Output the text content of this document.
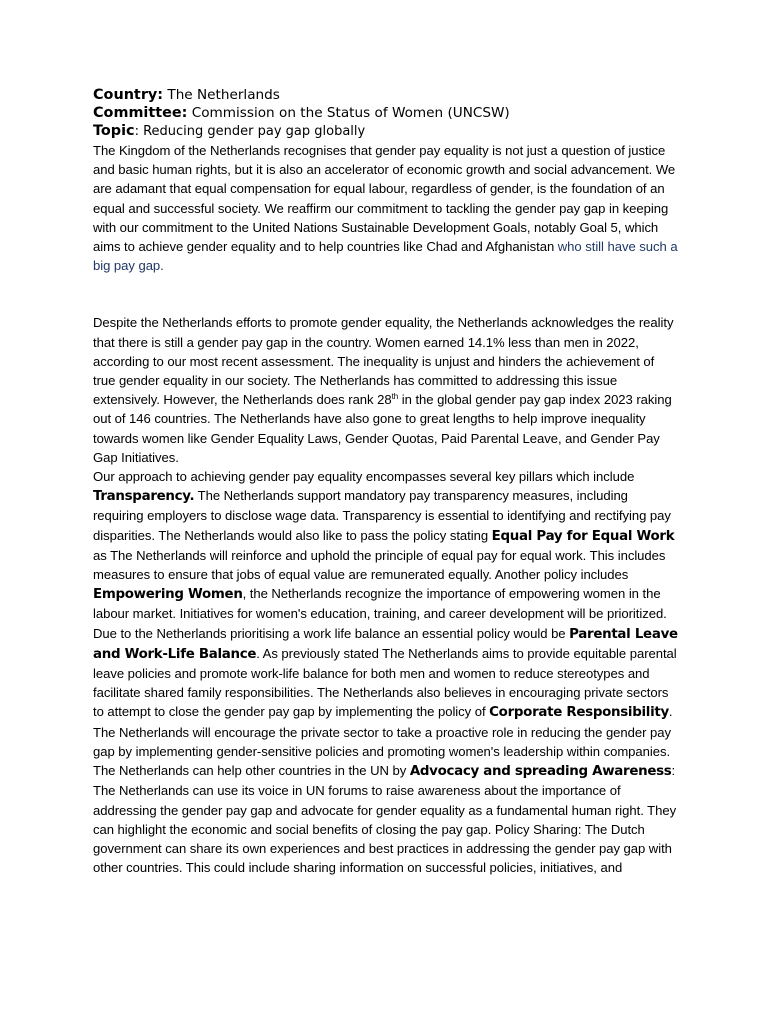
Country: The Netherlands
Committee: Commission on the Status of Women (UNCSW)
Topic: Reducing gender pay gap globally

The Kingdom of the Netherlands recognises that gender pay equality is not just a question of justice and basic human rights, but it is also an accelerator of economic growth and social advancement. We are adamant that equal compensation for equal labour, regardless of gender, is the foundation of an equal and successful society. We reaffirm our commitment to tackling the gender pay gap in keeping with our commitment to the United Nations Sustainable Development Goals, notably Goal 5, which aims to achieve gender equality and to help countries like Chad and Afghanistan who still have such a big pay gap.

Despite the Netherlands efforts to promote gender equality, the Netherlands acknowledges the reality that there is still a gender pay gap in the country. Women earned 14.1% less than men in 2022, according to our most recent assessment. The inequality is unjust and hinders the achievement of true gender equality in our society. The Netherlands has committed to addressing this issue extensively. However, the Netherlands does rank 28th in the global gender pay gap index 2023 raking out of 146 countries. The Netherlands have also gone to great lengths to help improve inequality towards women like Gender Equality Laws, Gender Quotas, Paid Parental Leave, and Gender Pay Gap Initiatives.

Our approach to achieving gender pay equality encompasses several key pillars which include Transparency. The Netherlands support mandatory pay transparency measures, including requiring employers to disclose wage data. Transparency is essential to identifying and rectifying pay disparities. The Netherlands would also like to pass the policy stating Equal Pay for Equal Work as The Netherlands will reinforce and uphold the principle of equal pay for equal work. This includes measures to ensure that jobs of equal value are remunerated equally. Another policy includes Empowering Women, the Netherlands recognize the importance of empowering women in the labour market. Initiatives for women's education, training, and career development will be prioritized. Due to the Netherlands prioritising a work life balance an essential policy would be Parental Leave and Work-Life Balance. As previously stated The Netherlands aims to provide equitable parental leave policies and promote work-life balance for both men and women to reduce stereotypes and facilitate shared family responsibilities. The Netherlands also believes in encouraging private sectors to attempt to close the gender pay gap by implementing the policy of Corporate Responsibility. The Netherlands will encourage the private sector to take a proactive role in reducing the gender pay gap by implementing gender-sensitive policies and promoting women's leadership within companies. The Netherlands can help other countries in the UN by Advocacy and spreading Awareness: The Netherlands can use its voice in UN forums to raise awareness about the importance of addressing the gender pay gap and advocate for gender equality as a fundamental human right. They can highlight the economic and social benefits of closing the pay gap. Policy Sharing: The Dutch government can share its own experiences and best practices in addressing the gender pay gap with other countries. This could include sharing information on successful policies, initiatives, and
